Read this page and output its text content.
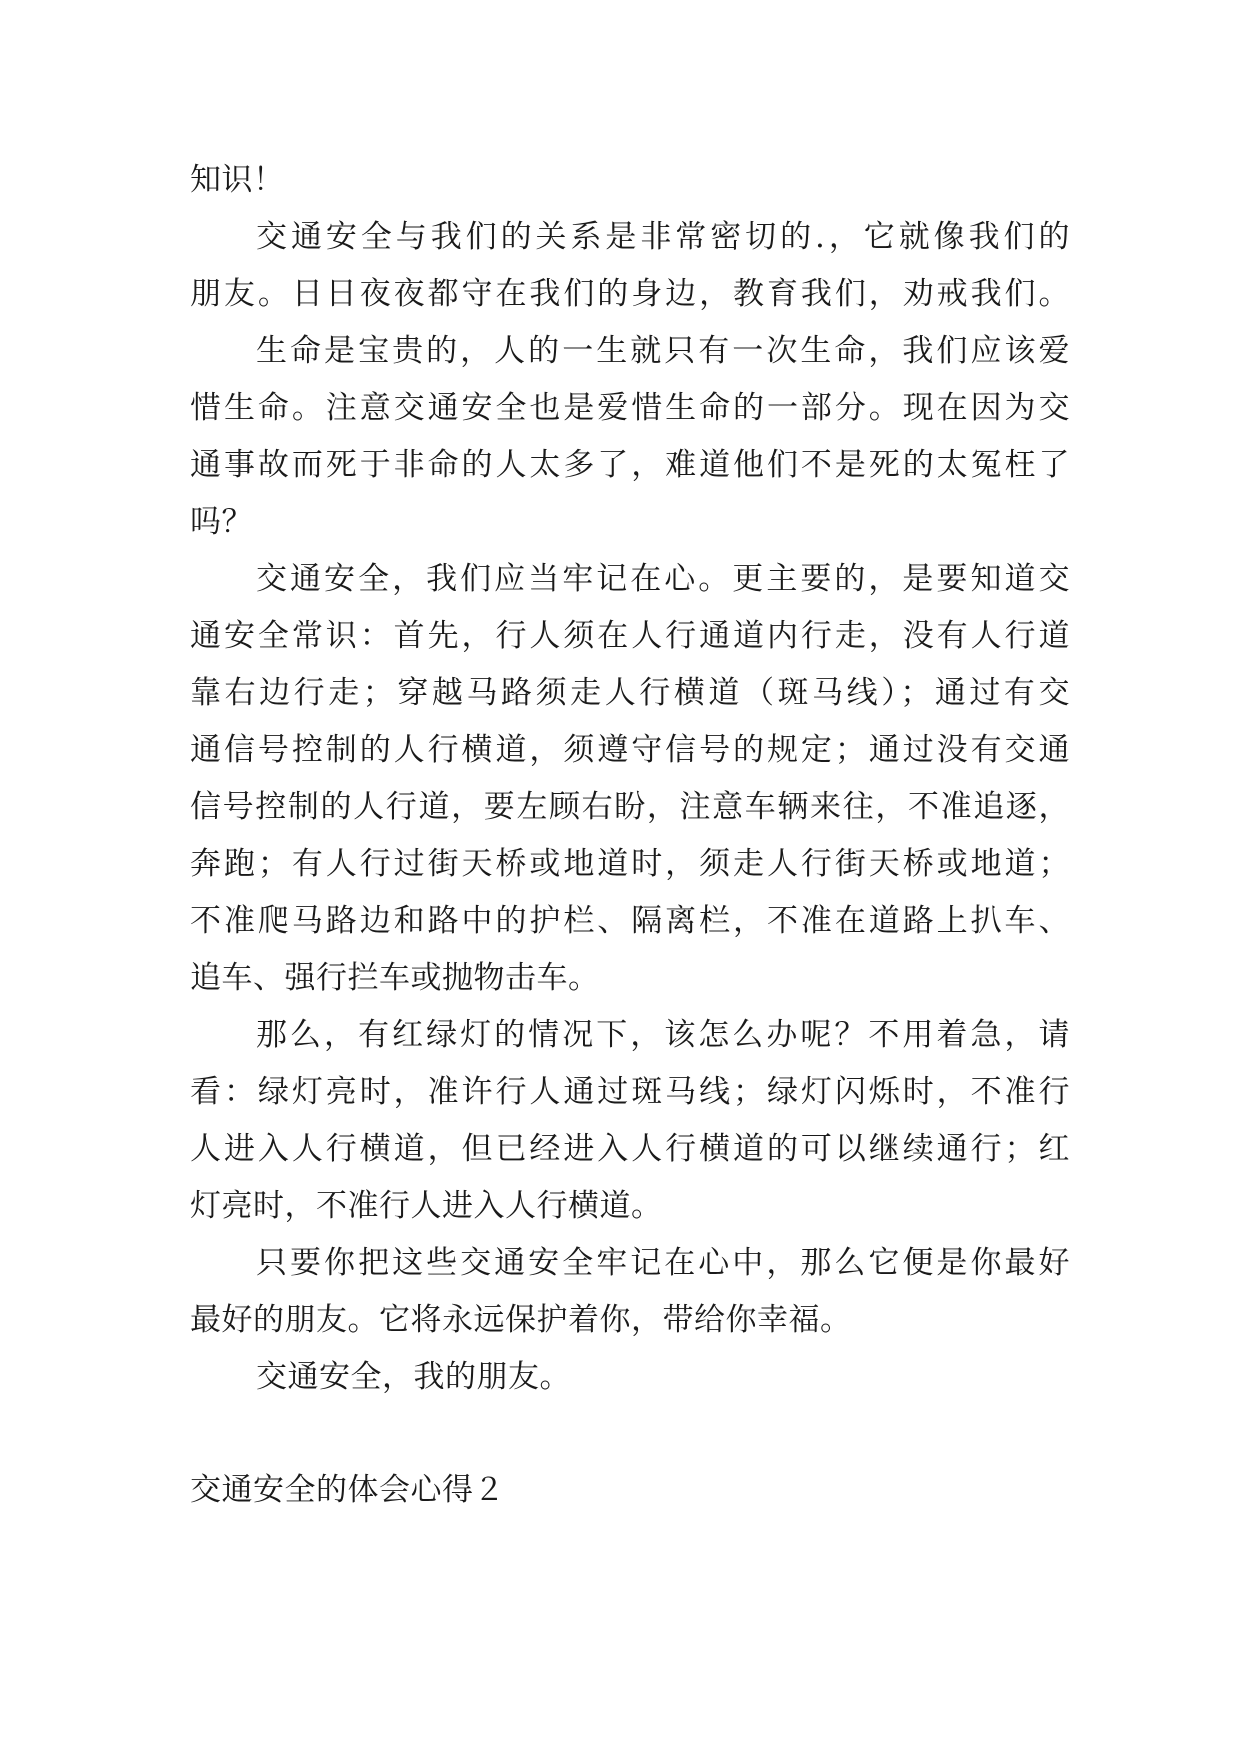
知识！
交通安全与我们的关系是非常密切的.，它就像我们的
朋友。日日夜夜都守在我们的身边，教育我们，劝戒我们。
生命是宝贵的，人的一生就只有一次生命，我们应该爱
惜生命。注意交通安全也是爱惜生命的一部分。现在因为交
通事故而死于非命的人太多了，难道他们不是死的太冤枉了
吗？
交通安全，我们应当牢记在心。更主要的，是要知道交
通安全常识：首先，行人须在人行通道内行走，没有人行道
靠右边行走；穿越马路须走人行横道（斑马线）；通过有交
通信号控制的人行横道，须遵守信号的规定；通过没有交通
信号控制的人行道，要左顾右盼，注意车辆来往，不准追逐，
奔跑；有人行过街天桥或地道时，须走人行街天桥或地道；
不准爬马路边和路中的护栏、隔离栏，不准在道路上扒车、
追车、强行拦车或抛物击车。
那么，有红绿灯的情况下，该怎么办呢？不用着急，请
看：绿灯亮时，准许行人通过斑马线；绿灯闪烁时，不准行
人进入人行横道，但已经进入人行横道的可以继续通行；红
灯亮时，不准行人进入人行横道。
只要你把这些交通安全牢记在心中，那么它便是你最好
最好的朋友。它将永远保护着你，带给你幸福。
交通安全，我的朋友。
交通安全的体会心得２
